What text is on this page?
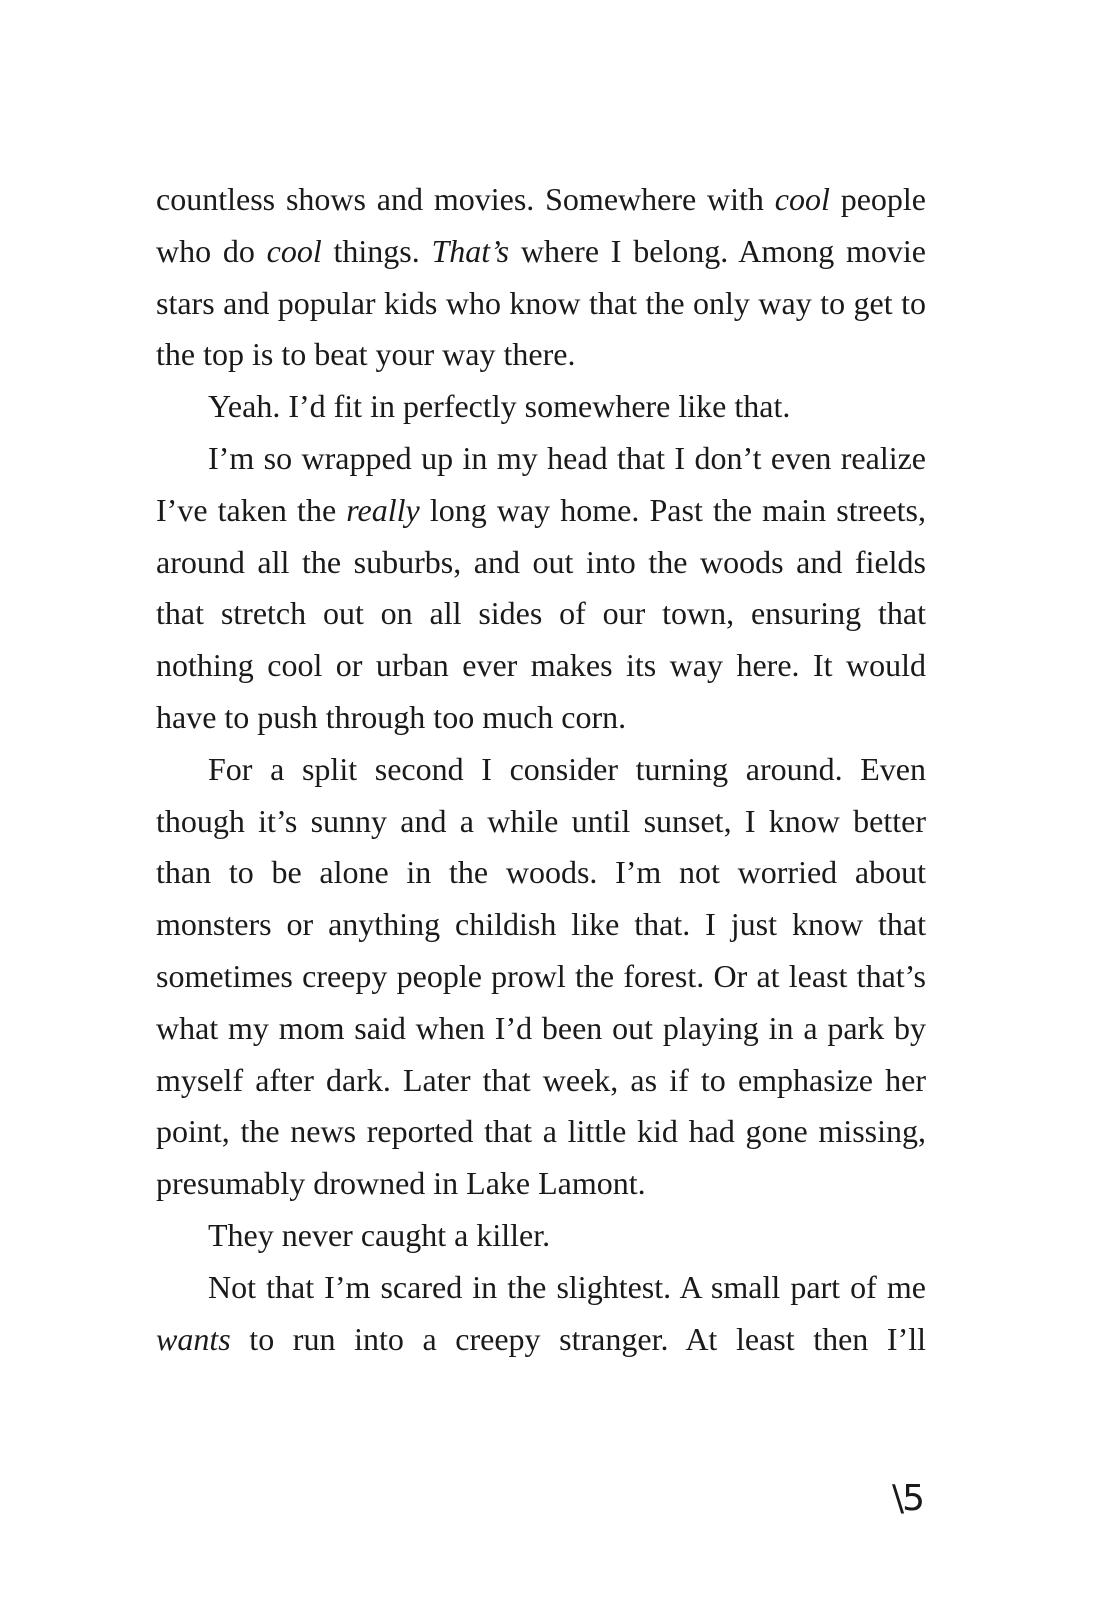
countless shows and movies. Somewhere with cool people who do cool things. That’s where I belong. Among movie stars and popular kids who know that the only way to get to the top is to beat your way there.

Yeah. I’d fit in perfectly somewhere like that.

I’m so wrapped up in my head that I don’t even realize I’ve taken the really long way home. Past the main streets, around all the suburbs, and out into the woods and fields that stretch out on all sides of our town, ensuring that nothing cool or urban ever makes its way here. It would have to push through too much corn.

For a split second I consider turning around. Even though it’s sunny and a while until sunset, I know better than to be alone in the woods. I’m not worried about monsters or anything childish like that. I just know that sometimes creepy people prowl the forest. Or at least that’s what my mom said when I’d been out playing in a park by myself after dark. Later that week, as if to emphasize her point, the news reported that a little kid had gone missing, presumably drowned in Lake Lamont.

They never caught a killer.

Not that I’m scared in the slightest. A small part of me wants to run into a creepy stranger. At least then I’ll

\5
